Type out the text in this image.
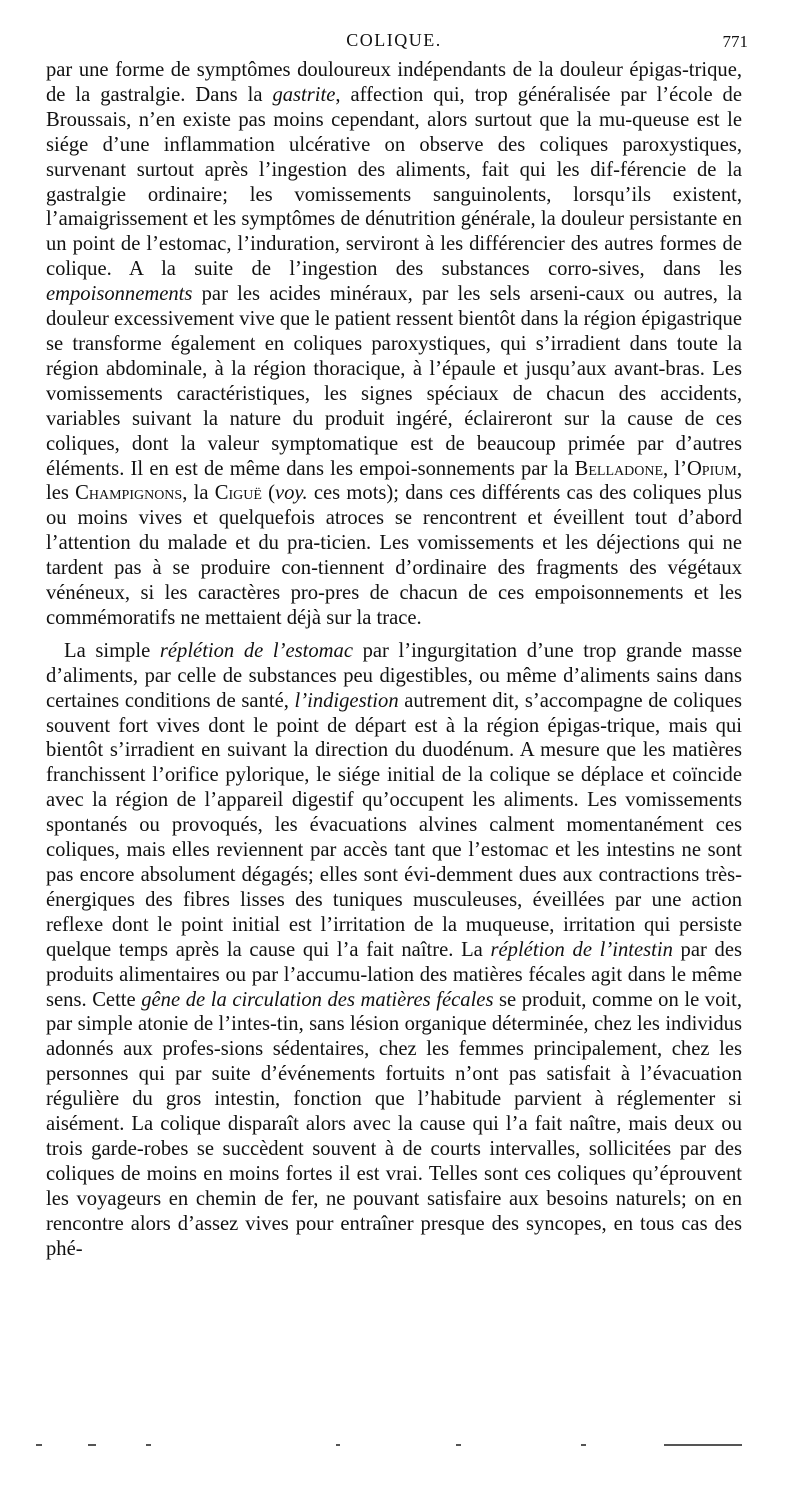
COLIQUE.	771

par une forme de symptômes douloureux indépendants de la douleur épigas-trique, de la gastralgie. Dans la gastrite, affection qui, trop généralisée par l’école de Broussais, n’en existe pas moins cependant, alors surtout que la mu-queuse est le siége d’une inflammation ulcérative on observe des coliques paroxystiques, survenant surtout après l’ingestion des aliments, fait qui les dif-férencie de la gastralgie ordinaire; les vomissements sanguinolents, lorsqu’ils existent, l’amaigrissement et les symptômes de dénutrition générale, la douleur persistante en un point de l’estomac, l’induration, serviront à les différencier des autres formes de colique. A la suite de l’ingestion des substances corro-sives, dans les empoisonnements par les acides minéraux, par les sels arseni-caux ou autres, la douleur excessivement vive que le patient ressent bientôt dans la région épigastrique se transforme également en coliques paroxystiques, qui s’irradient dans toute la région abdominale, à la région thoracique, à l’épaule et jusqu’aux avant-bras. Les vomissements caractéristiques, les signes spéciaux de chacun des accidents, variables suivant la nature du produit ingéré, éclaireront sur la cause de ces coliques, dont la valeur symptomatique est de beaucoup primée par d’autres éléments. Il en est de même dans les empoi-sonnements par la Belladone, l’Opium, les Champignons, la Ciguë (voy. ces mots); dans ces différents cas des coliques plus ou moins vives et quelquefois atroces se rencontrent et éveillent tout d’abord l’attention du malade et du pra-ticien. Les vomissements et les déjections qui ne tardent pas à se produire con-tiennent d’ordinaire des fragments des végétaux vénéneux, si les caractères pro-pres de chacun de ces empoisonnements et les commémoratifs ne mettaient déjà sur la trace.

La simple réplétion de l’estomac par l’ingurgitation d’une trop grande masse d’aliments, par celle de substances peu digestibles, ou même d’aliments sains dans certaines conditions de santé, l’indigestion autrement dit, s’accompagne de coliques souvent fort vives dont le point de départ est à la région épigas-trique, mais qui bientôt s’irradient en suivant la direction du duodénum. A mesure que les matières franchissent l’orifice pylorique, le siége initial de la colique se déplace et coïncide avec la région de l’appareil digestif qu’occupent les aliments. Les vomissements spontanés ou provoqués, les évacuations alvines calment momentanément ces coliques, mais elles reviennent par accès tant que l’estomac et les intestins ne sont pas encore absolument dégagés; elles sont évi-demment dues aux contractions très-énergiques des fibres lisses des tuniques musculeuses, éveillées par une action reflexe dont le point initial est l’irritation de la muqueuse, irritation qui persiste quelque temps après la cause qui l’a fait naître. La réplétion de l’intestin par des produits alimentaires ou par l’accumu-lation des matières fécales agit dans le même sens. Cette gêne de la circulation des matières fécales se produit, comme on le voit, par simple atonie de l’intes-tin, sans lésion organique déterminée, chez les individus adonnés aux profes-sions sédentaires, chez les femmes principalement, chez les personnes qui par suite d’événements fortuits n’ont pas satisfait à l’évacuation régulière du gros intestin, fonction que l’habitude parvient à réglementer si aisément. La colique disparaît alors avec la cause qui l’a fait naître, mais deux ou trois garde-robes se succèdent souvent à de courts intervalles, sollicitées par des coliques de moins en moins fortes il est vrai. Telles sont ces coliques qu’éprouvent les voyageurs en chemin de fer, ne pouvant satisfaire aux besoins naturels; on en rencontre alors d’assez vives pour entraîner presque des syncopes, en tous cas des phé-
